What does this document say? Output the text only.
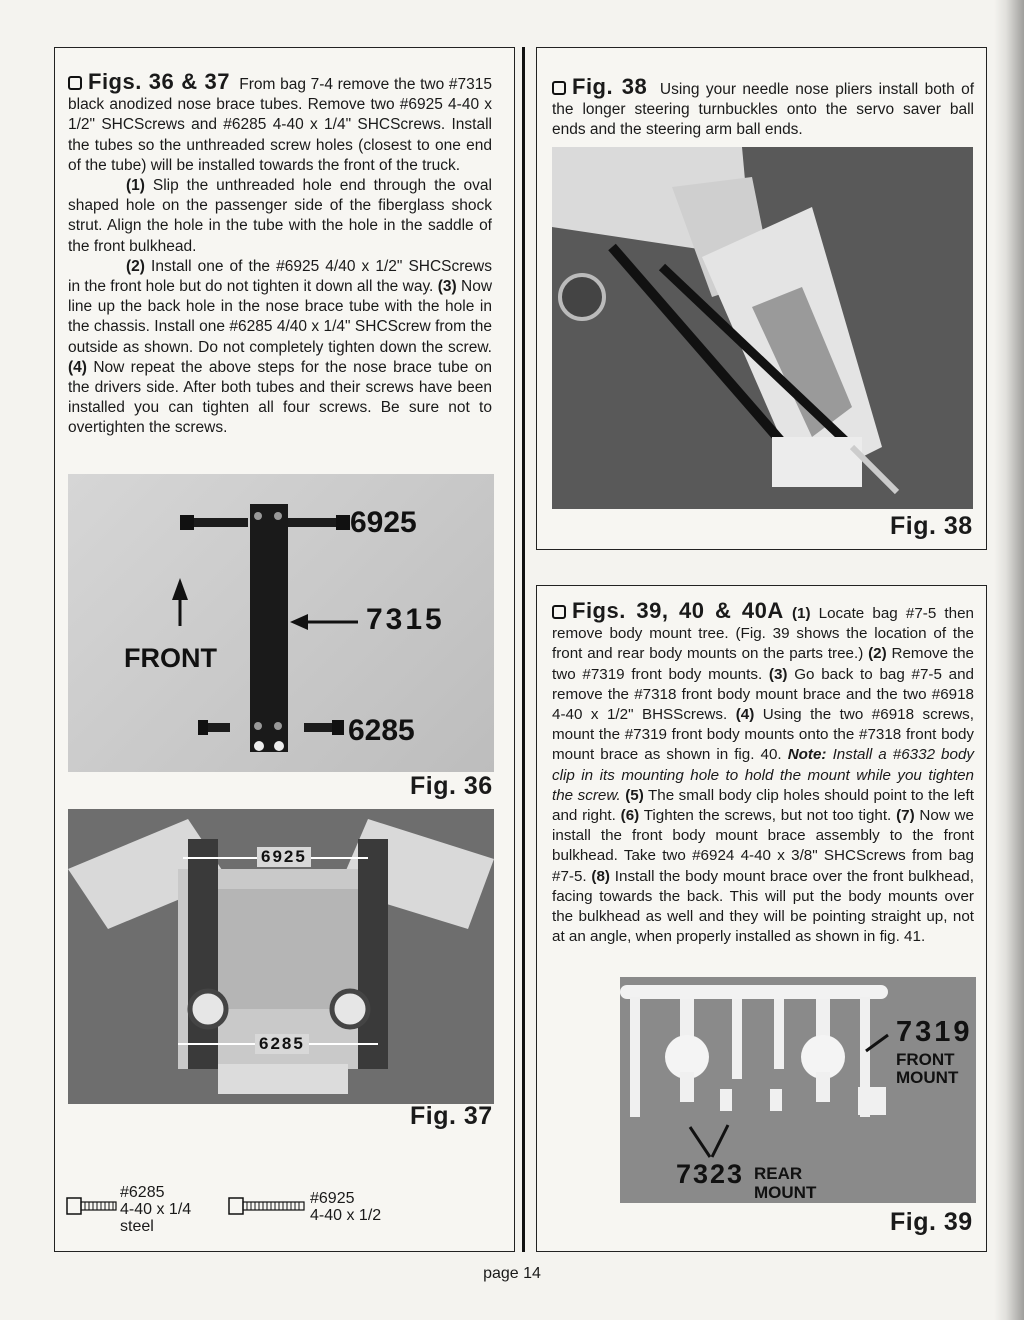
Figs. 36 & 37 From bag 7-4 remove the two #7315 black anodized nose brace tubes. Remove two #6925 4-40 x 1/2" SHCScrews and #6285 4-40 x 1/4" SHCScrews. Install the tubes so the unthreaded screw holes (closest to one end of the tube) will be installed towards the front of the truck.

(1) Slip the unthreaded hole end through the oval shaped hole on the passenger side of the fiberglass shock strut. Align the hole in the tube with the hole in the saddle of the front bulkhead.

(2) Install one of the #6925 4/40 x 1/2" SHCScrews in the front hole but do not tighten it down all the way. (3) Now line up the back hole in the nose brace tube with the hole in the chassis. Install one #6285 4/40 x 1/4" SHCScrew from the outside as shown. Do not completely tighten down the screw. (4) Now repeat the above steps for the nose brace tube on the drivers side. After both tubes and their screws have been installed you can tighten all four screws. Be sure not to overtighten the screws.

6925
7315
6285
FRONT
Fig. 36
6925
6285
Fig. 37
#6285
4-40 x 1/4
steel
#6925
4-40 x 1/2

Fig. 38 Using your needle nose pliers install both of the longer steering turnbuckles onto the servo saver ball ends and the steering arm ball ends.

Fig. 38

Figs. 39, 40 & 40A (1) Locate bag #7-5 then remove body mount tree. (Fig. 39 shows the location of the front and rear body mounts on the parts tree.) (2) Remove the two #7319 front body mounts. (3) Go back to bag #7-5 and remove the #7318 front body mount brace and the two #6918 4-40 x 1/2" BHSScrews. (4) Using the two #6918 screws, mount the #7319 front body mounts onto the #7318 front body mount brace as shown in fig. 40. Note: Install a #6332 body clip in its mounting hole to hold the mount while you tighten the screw. (5) The small body clip holes should point to the left and right. (6) Tighten the screws, but not too tight. (7) Now we install the front body mount brace assembly to the front bulkhead. Take two #6924 4-40 x 3/8" SHCScrews from bag #7-5. (8) Install the body mount brace over the front bulkhead, facing towards the back. This will put the body mounts over the bulkhead as well and they will be pointing straight up, not at an angle, when properly installed as shown in fig. 41.

7319
FRONT
MOUNT
7323 REAR
MOUNT
Fig. 39
page 14
